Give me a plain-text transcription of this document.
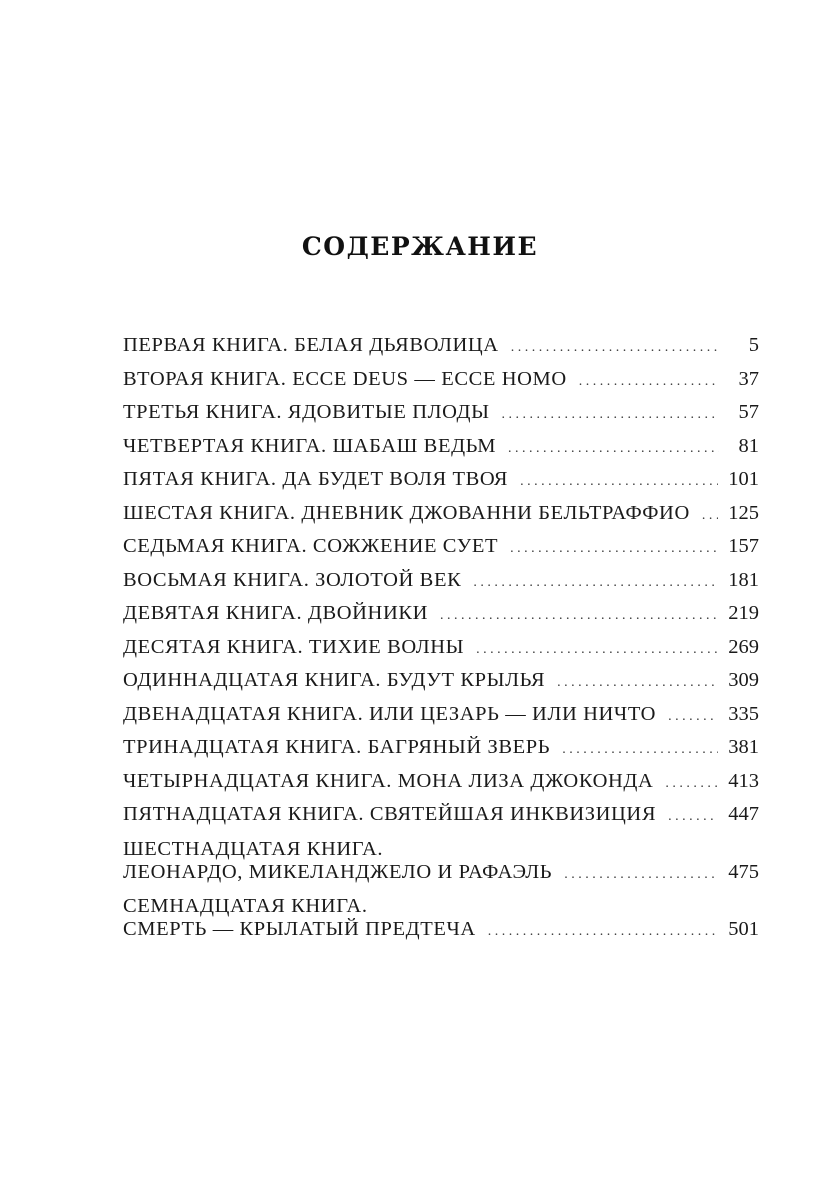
СОДЕРЖАНИЕ
ПЕРВАЯ КНИГА. БЕЛАЯ ДЬЯВОЛИЦА . . .	5
ВТОРАЯ КНИГА. ECCE DEUS — ECCE HOMO . . .	37
ТРЕТЬЯ КНИГА. ЯДОВИТЫЕ ПЛОДЫ . . .	57
ЧЕТВЕРТАЯ КНИГА. ШАБАШ ВЕДЬМ . . .	81
ПЯТАЯ КНИГА. ДА БУДЕТ ВОЛЯ ТВОЯ . . .	101
ШЕСТАЯ КНИГА. ДНЕВНИК ДЖОВАННИ БЕЛЬТРАФФИО . . . 125
СЕДЬМАЯ КНИГА. СОЖЖЕНИЕ СУЕТ . . .	157
ВОСЬМАЯ КНИГА. ЗОЛОТОЙ ВЕК . . .	181
ДЕВЯТАЯ КНИГА. ДВОЙНИКИ . . .	219
ДЕСЯТАЯ КНИГА. ТИХИЕ ВОЛНЫ . . .	269
ОДИННАДЦАТАЯ КНИГА. БУДУТ КРЫЛЬЯ . . .	309
ДВЕНАДЦАТАЯ КНИГА. ИЛИ ЦЕЗАРЬ — ИЛИ НИЧТО . . .	335
ТРИНАДЦАТАЯ КНИГА. БАГРЯНЫЙ ЗВЕРЬ . . .	381
ЧЕТЫРНАДЦАТАЯ КНИГА. МОНА ЛИЗА ДЖОКОНДА . . .	413
ПЯТНАДЦАТАЯ КНИГА. СВЯТЕЙШАЯ ИНКВИЗИЦИЯ . . .	447
ШЕСТНАДЦАТАЯ КНИГА.
ЛЕОНАРДО, МИКЕЛАНДЖЕЛО И РАФАЭЛЬ . . .	475
СЕМНАДЦАТАЯ КНИГА.
СМЕРТЬ — КРЫЛАТЫЙ ПРЕДТЕЧА . . .	501
